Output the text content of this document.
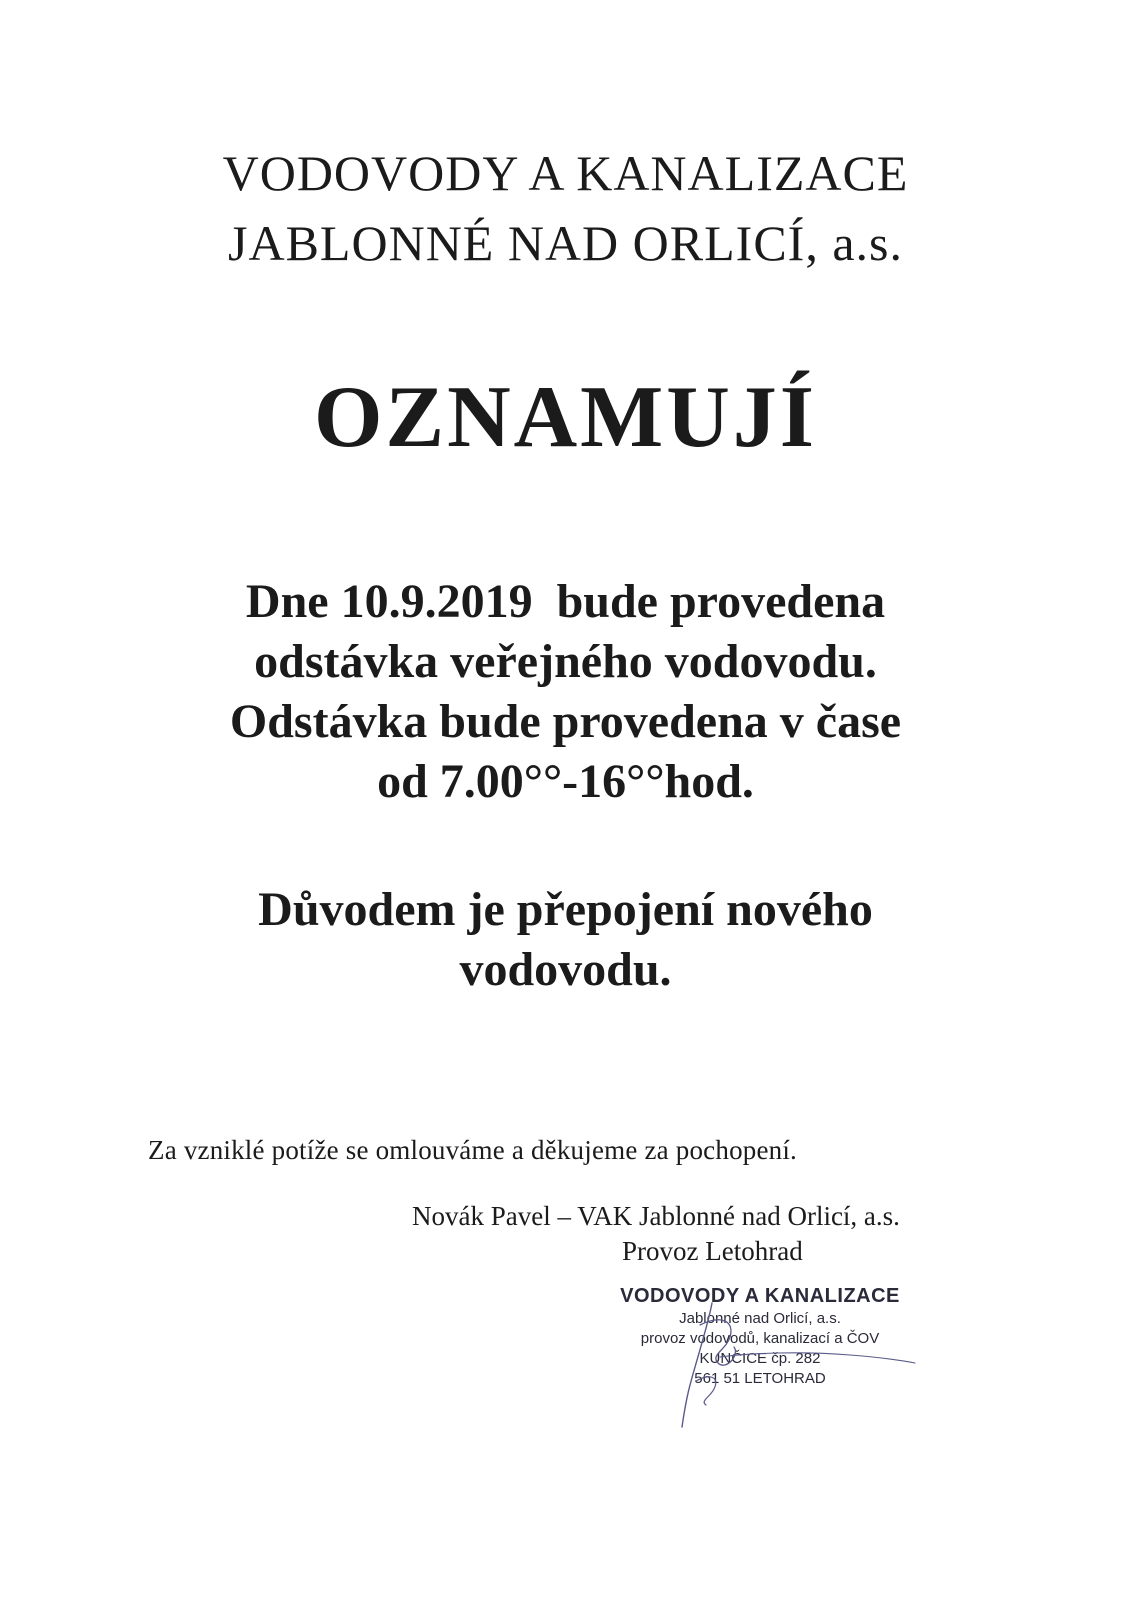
VODOVODY A KANALIZACE
JABLONNÉ NAD ORLICÍ, a.s.
OZNAMUJÍ
Dne 10.9.2019  bude provedena
odstávka veřejného vodovodu.
Odstávka bude provedena v čase
od 7.00°°-16°°hod.
Důvodem je přepojení nového
vodovodu.
Za vzniklé potíže se omlouváme a děkujeme za pochopení.
Novák Pavel – VAK Jablonné nad Orlicí, a.s.
Provoz Letohrad
VODOVODY A KANALIZACE
Jablonné nad Orlicí, a.s.
provoz vodovodů, kanalizací a ČOV
KUNČICE čp. 282
561 51 LETOHRAD
